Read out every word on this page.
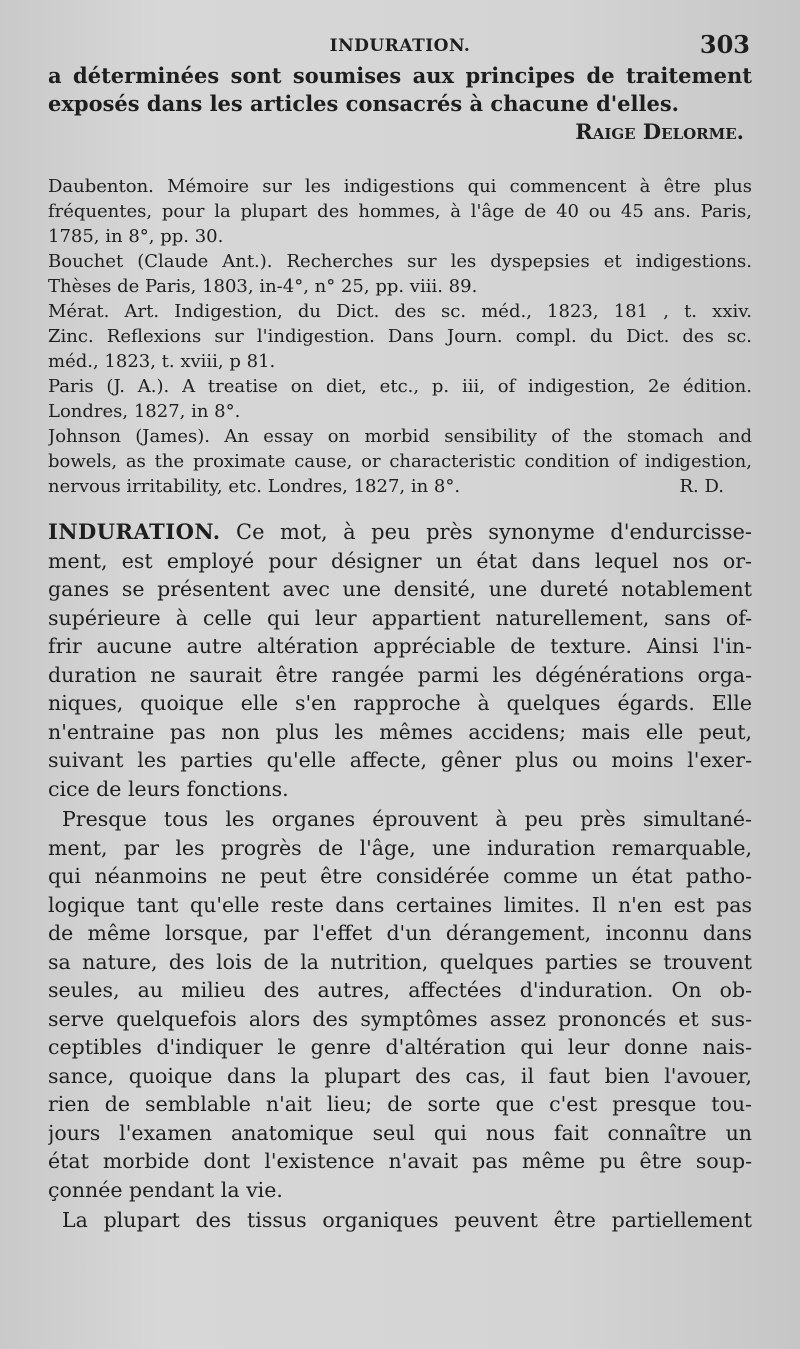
INDURATION.	303
a déterminées sont soumises aux principes de traitement
exposés dans les articles consacrés à chacune d'elles.
Raige Delorme.
Daubenton. Mémoire sur les indigestions qui commencent à être plus
fréquentes, pour la plupart des hommes, à l'âge de 40 ou 45 ans. Paris,
1785, in 8°, pp. 30.
Bouchet (Claude Ant.). Recherches sur les dyspepsies et indigestions.
Thèses de Paris, 1803, in-4°, n° 25, pp. viii. 89.
Mérat. Art. Indigestion, du Dict. des sc. méd., 1823, 181 , t. xxiv.
Zinc. Reflexions sur l'indigestion. Dans Journ. compl. du Dict. des sc.
méd., 1823, t. xviii, p 81.
Paris (J. A.). A treatise on diet, etc., p. iii, of indigestion, 2e édition.
Londres, 1827, in 8°.
Johnson (James). An essay on morbid sensibility of the stomach and
bowels, as the proximate cause, or characteristic condition of indigestion,
nervous irritability, etc. Londres, 1827, in 8°.	R. D.
INDURATION. Ce mot, à peu près synonyme d'endurcisse-
ment, est employé pour désigner un état dans lequel nos or-
ganes se présentent avec une densité, une dureté notablement
supérieure à celle qui leur appartient naturellement, sans of-
frir aucune autre altération appréciable de texture. Ainsi l'in-
duration ne saurait être rangée parmi les dégénérations orga-
niques, quoique elle s'en rapproche à quelques égards. Elle
n'entraine pas non plus les mêmes accidens; mais elle peut,
suivant les parties qu'elle affecte, gêner plus ou moins l'exer-
cice de leurs fonctions.
Presque tous les organes éprouvent à peu près simultané-
ment, par les progrès de l'âge, une induration remarquable,
qui néanmoins ne peut être considérée comme un état patho-
logique tant qu'elle reste dans certaines limites. Il n'en est pas
de même lorsque, par l'effet d'un dérangement, inconnu dans
sa nature, des lois de la nutrition, quelques parties se trouvent
seules, au milieu des autres, affectées d'induration. On ob-
serve quelquefois alors des symptômes assez prononcés et sus-
ceptibles d'indiquer le genre d'altération qui leur donne nais-
sance, quoique dans la plupart des cas, il faut bien l'avouer,
rien de semblable n'ait lieu; de sorte que c'est presque tou-
jours l'examen anatomique seul qui nous fait connaître un
état morbide dont l'existence n'avait pas même pu être soup-
çonnée pendant la vie.
La plupart des tissus organiques peuvent être partiellement
